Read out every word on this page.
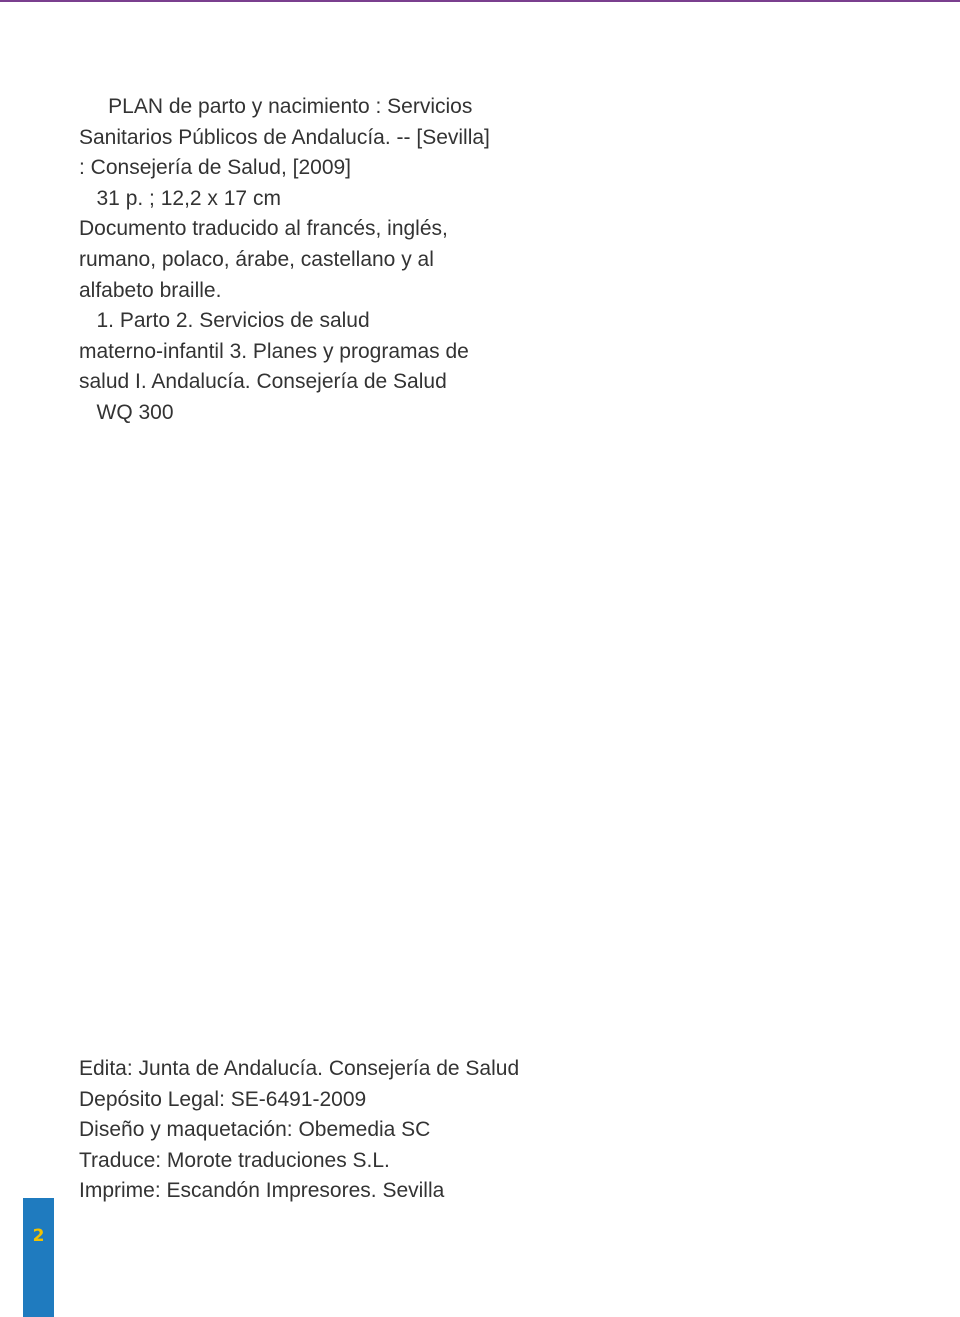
PLAN de parto y nacimiento : Servicios
Sanitarios Públicos de Andalucía. -- [Sevilla]
: Consejería de Salud, [2009]
31 p. ; 12,2 x 17 cm
Documento traducido al francés, inglés,
rumano, polaco, árabe, castellano y al
alfabeto braille.
1. Parto 2. Servicios de salud
materno-infantil 3. Planes y programas de
salud I. Andalucía. Consejería de Salud
WQ 300
Edita: Junta de Andalucía. Consejería de Salud
Depósito Legal: SE-6491-2009
Diseño y maquetación: Obemedia SC
Traduce: Morote traduciones S.L.
Imprime: Escandón Impresores. Sevilla
2
